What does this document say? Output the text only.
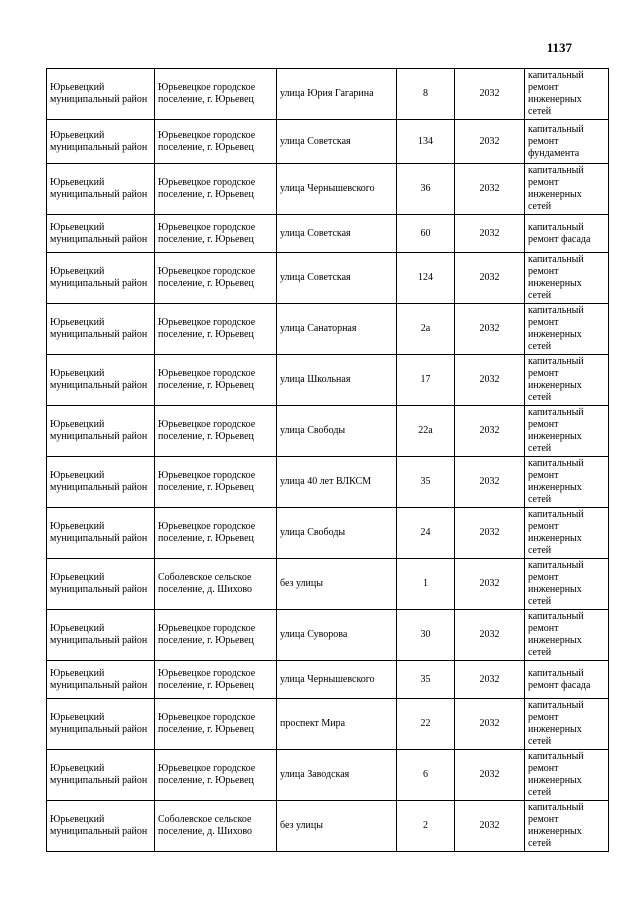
1137
Юрьевецкий муниципальный район	Юрьевецкое городское поселение, г. Юрьевец	улица Юрия Гагарина	8	2032	капитальный ремонт инженерных сетей
Юрьевецкий муниципальный район	Юрьевецкое городское поселение, г. Юрьевец	улица Советская	134	2032	капитальный ремонт фундамента
Юрьевецкий муниципальный район	Юрьевецкое городское поселение, г. Юрьевец	улица Чернышевского	36	2032	капитальный ремонт инженерных сетей
Юрьевецкий муниципальный район	Юрьевецкое городское поселение, г. Юрьевец	улица Советская	60	2032	капитальный ремонт фасада
Юрьевецкий муниципальный район	Юрьевецкое городское поселение, г. Юрьевец	улица Советская	124	2032	капитальный ремонт инженерных сетей
Юрьевецкий муниципальный район	Юрьевецкое городское поселение, г. Юрьевец	улица Санаторная	2а	2032	капитальный ремонт инженерных сетей
Юрьевецкий муниципальный район	Юрьевецкое городское поселение, г. Юрьевец	улица Школьная	17	2032	капитальный ремонт инженерных сетей
Юрьевецкий муниципальный район	Юрьевецкое городское поселение, г. Юрьевец	улица Свободы	22а	2032	капитальный ремонт инженерных сетей
Юрьевецкий муниципальный район	Юрьевецкое городское поселение, г. Юрьевец	улица 40 лет ВЛКСМ	35	2032	капитальный ремонт инженерных сетей
Юрьевецкий муниципальный район	Юрьевецкое городское поселение, г. Юрьевец	улица Свободы	24	2032	капитальный ремонт инженерных сетей
Юрьевецкий муниципальный район	Соболевское сельское поселение, д. Шихово	без улицы	1	2032	капитальный ремонт инженерных сетей
Юрьевецкий муниципальный район	Юрьевецкое городское поселение, г. Юрьевец	улица Суворова	30	2032	капитальный ремонт инженерных сетей
Юрьевецкий муниципальный район	Юрьевецкое городское поселение, г. Юрьевец	улица Чернышевского	35	2032	капитальный ремонт фасада
Юрьевецкий муниципальный район	Юрьевецкое городское поселение, г. Юрьевец	проспект Мира	22	2032	капитальный ремонт инженерных сетей
Юрьевецкий муниципальный район	Юрьевецкое городское поселение, г. Юрьевец	улица Заводская	6	2032	капитальный ремонт инженерных сетей
Юрьевецкий муниципальный район	Соболевское сельское поселение, д. Шихово	без улицы	2	2032	капитальный ремонт инженерных сетей
